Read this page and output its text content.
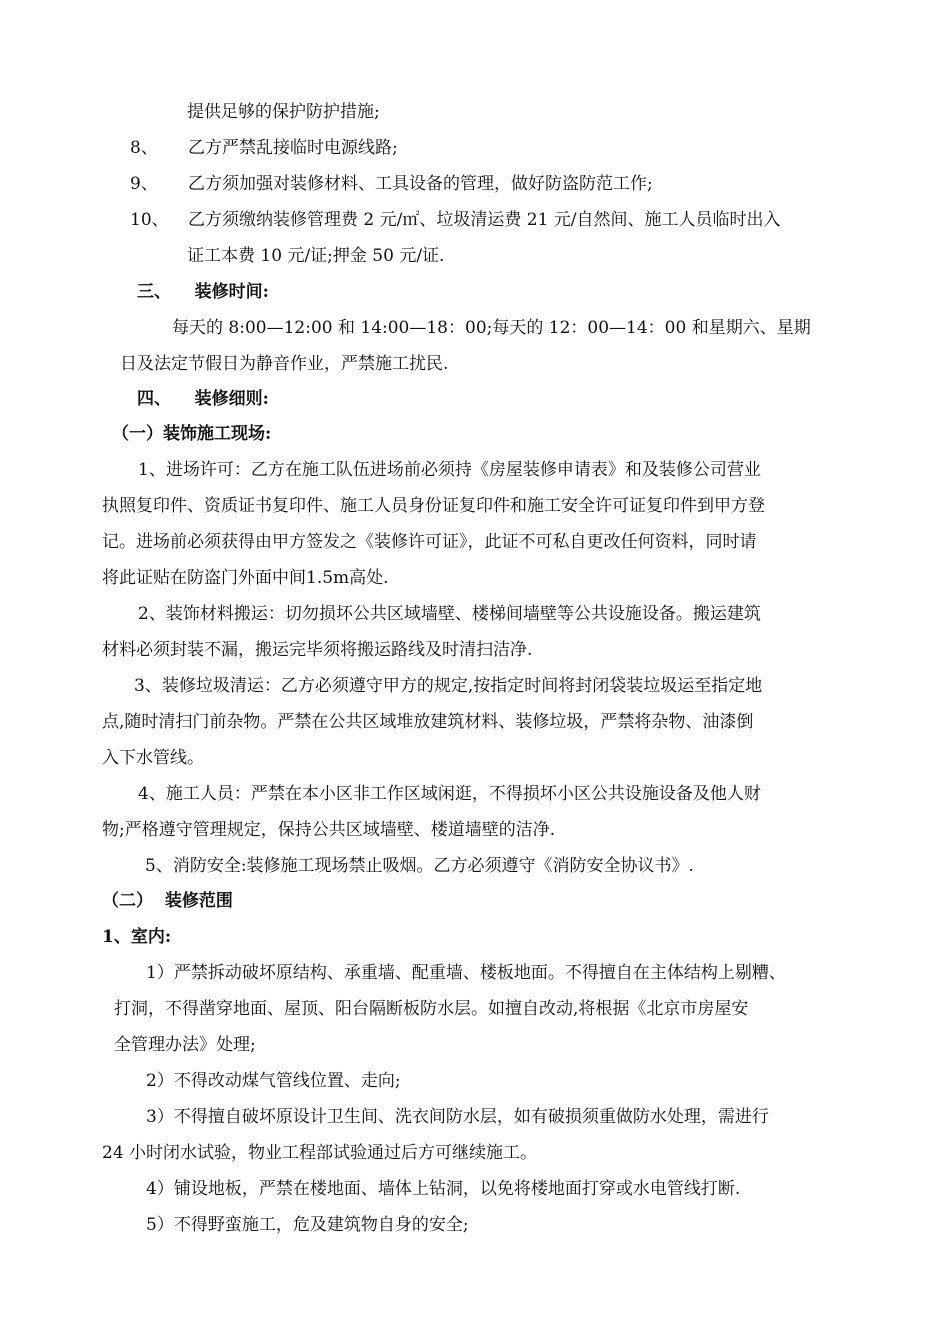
提供足够的保护防护措施;

8、 乙方严禁乱接临时电源线路;

9、 乙方须加强对装修材料、工具设备的管理，做好防盗防范工作;

10、 乙方须缴纳装修管理费 2 元/㎡、垃圾清运费 21 元/自然间、施工人员临时出入

证工本费 10 元/证;押金 50 元/证.

三、    装修时间:

每天的 8:00—12:00 和 14:00—18：00;每天的 12：00—14：00 和星期六、星期

日及法定节假日为静音作业，严禁施工扰民.

四、    装修细则:

（一）装饰施工现场:

1、进场许可：乙方在施工队伍进场前必须持《房屋装修申请表》和及装修公司营业

执照复印件、资质证书复印件、施工人员身份证复印件和施工安全许可证复印件到甲方登

记。进场前必须获得由甲方签发之《装修许可证》，此证不可私自更改任何资料，同时请

将此证贴在防盗门外面中间1.5m高处.

2、装饰材料搬运：切勿损坏公共区域墙壁、楼梯间墙壁等公共设施设备。搬运建筑

材料必须封装不漏，搬运完毕须将搬运路线及时清扫洁净.

3、装修垃圾清运：乙方必须遵守甲方的规定,按指定时间将封闭袋装垃圾运至指定地

点,随时清扫门前杂物。严禁在公共区域堆放建筑材料、装修垃圾，严禁将杂物、油漆倒

入下水管线。

4、施工人员：严禁在本小区非工作区域闲逛，不得损坏小区公共设施设备及他人财

物;严格遵守管理规定，保持公共区域墙壁、楼道墙壁的洁净.

5、消防安全:装修施工现场禁止吸烟。乙方必须遵守《消防安全协议书》.

（二）  装修范围

1、室内:

1）严禁拆动破坏原结构、承重墙、配重墙、楼板地面。不得擅自在主体结构上剔糟、

打洞，不得凿穿地面、屋顶、阳台隔断板防水层。如擅自改动,将根据《北京市房屋安

全管理办法》处理;

2）不得改动煤气管线位置、走向;

3）不得擅自破坏原设计卫生间、洗衣间防水层，如有破损须重做防水处理，需进行

24 小时闭水试验，物业工程部试验通过后方可继续施工。

4）铺设地板，严禁在楼地面、墙体上钻洞，以免将楼地面打穿或水电管线打断.

5）不得野蛮施工，危及建筑物自身的安全;
